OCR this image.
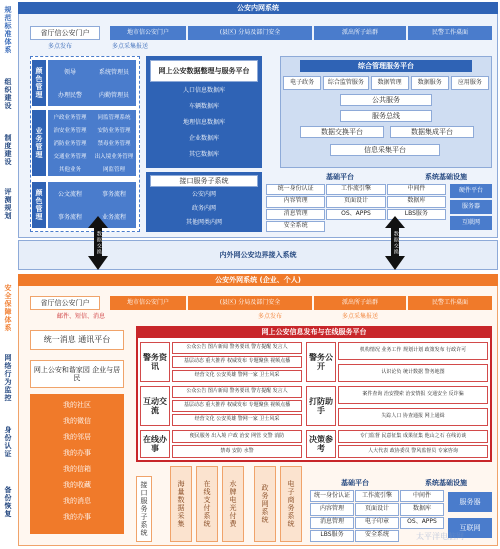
规范标准体系
组织建设
制度建设
评测规划
安全保障体系
网络行为监控
身份认证
备份恢复
公安内网系统
省厅信公安门户	地市信公安门户	(县区) 分局及部门安全	派出所子站群	民警工作桌面
多点发布	多点采集报送
颜色管理	领导	系统管理员
办理民警	内勤管理员
业务管理
户政业务管理 同监管理系统
治安业务管理 安防业务管理
消防业务管理 禁毒业务管理
交通业务管理 出入境业务管理
其他业务	网监管理
颜色管理	公文流程	事务流程
事务流程	业务流程
网上公安数据整理与服务平台
人口信息数据库
车辆数据库
地理信息数据库
企业数据库
其它数据库
接口服务子系统
公安内网
政务内网
其他网类内网
综合管理服务平台
电子政务	综合监管服务	数据管理	数据服务	应用服务
公共服务
服务总线
数据交换平台	数据集成平台
信息采集平台
基础平台	系统基础设施
统一身份认证	工作流引擎	中间件
内容管理	页面设计	数据库
消息管理	OS、APPS	LBS服务
安全系统
硬件平台
服务器
互联网
内外网公安边界接入系统
数据交换	数据交换
公安外网系统 (企业、个人)
省厅信公安门户	地市信公安门户	(县区) 分局及部门安全	派出所子站群	民警工作桌面
邮件、短信、消息	多点发布	多点采集报送
统一消息 通讯平台
网上公安和谐家园 企业与居民
我的社区
我的微信
我的邻居
我的办事
我的信箱
我的收藏
我的消息
我的办事
网上公安信息发布与在线服务平台
警务资讯
公众公告 图片新闻 警务要讯 警方提醒 发言人
基层动态 重大推荐 权威发布 专题聚焦 视频点播
经营文化 公安英雄 警网一家 卫士风采
警务公开
机构情况 业务工作 规划计划 政策发布 行政许可
认识论负 统计数据 警务地图
互动交流
公众公告 图片新闻 警务要讯 警方提醒 发言人
基层动态 重大推荐 权威发布 专题聚焦 视频点播
经营文化 公安英雄 警网一家 卫士风采
打防助手
案件查询 治安搜索 治安情报 交通安全 反诈骗
失踪人口 协查通报 网上通缉
在线办事
便民服务 出入境 户政 治安 网管 交警 消防
禁毒 安防 水警
决策参考
专门监督 民意征集 成果征集 他山之石 在线访谈
人大代表 政协委员 警风监督员 专家咨询
接口服务子系统	海量数据采集	在线支付系统	水牌电光付费	政务网系统	电子商务系统	基础平台	系统基础设施
统一身份认证	工作流引擎	中间件
内容管理	页面设计	数据库
消息管理	电子印章	OS、APPS
LBS服务	安全系统
服务器
互联网
太平洋电脑网
